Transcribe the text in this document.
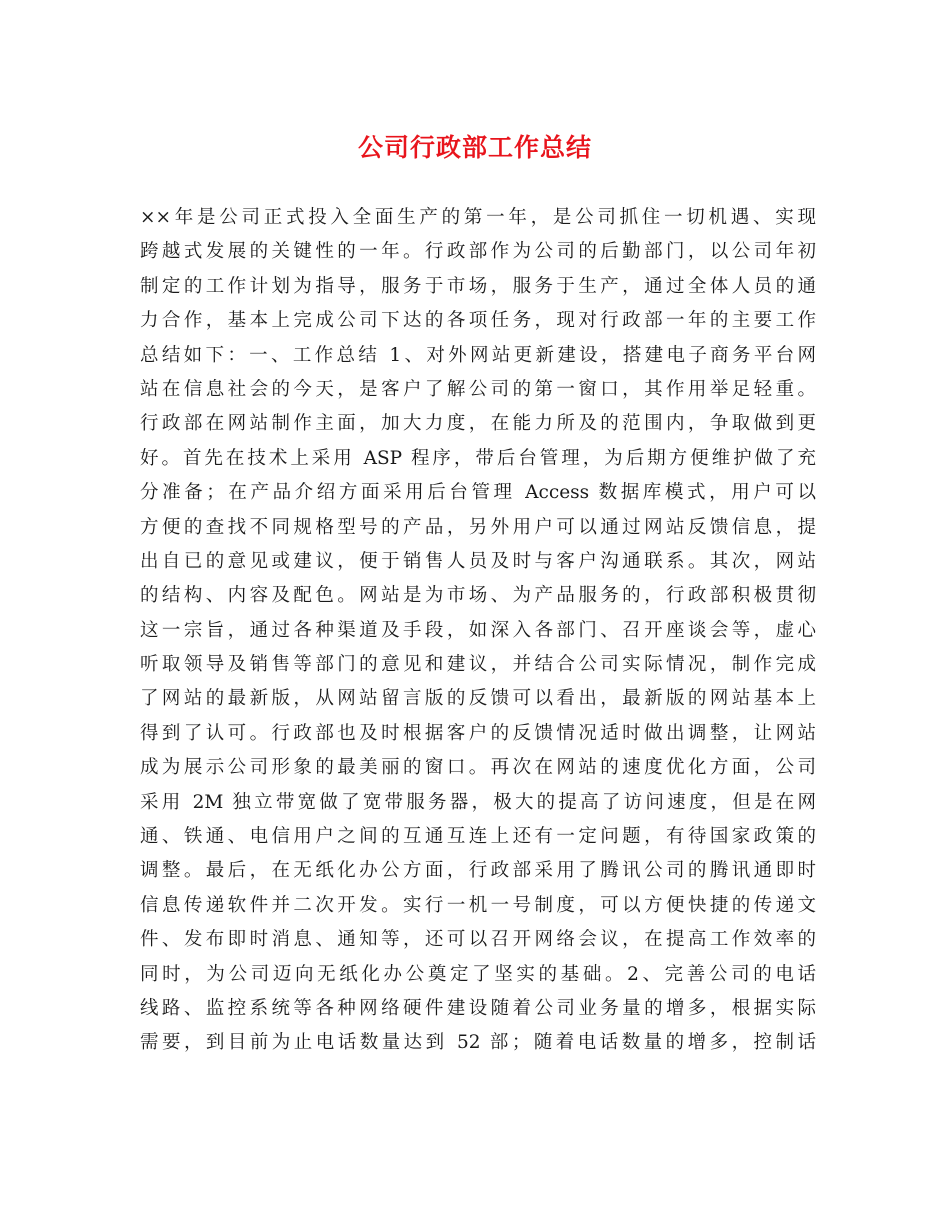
公司行政部工作总结
××年是公司正式投入全面生产的第一年，是公司抓住一切机遇、实现
跨越式发展的关键性的一年。行政部作为公司的后勤部门，以公司年初
制定的工作计划为指导，服务于市场，服务于生产，通过全体人员的通
力合作，基本上完成公司下达的各项任务，现对行政部一年的主要工作
总结如下：一、工作总结 1、对外网站更新建设，搭建电子商务平台网
站在信息社会的今天，是客户了解公司的第一窗口，其作用举足轻重。
行政部在网站制作主面，加大力度，在能力所及的范围内，争取做到更
好。首先在技术上采用 ASP 程序，带后台管理，为后期方便维护做了充
分准备；在产品介绍方面采用后台管理 Access 数据库模式，用户可以
方便的查找不同规格型号的产品，另外用户可以通过网站反馈信息，提
出自已的意见或建议，便于销售人员及时与客户沟通联系。其次，网站
的结构、内容及配色。网站是为市场、为产品服务的，行政部积极贯彻
这一宗旨，通过各种渠道及手段，如深入各部门、召开座谈会等，虚心
听取领导及销售等部门的意见和建议，并结合公司实际情况，制作完成
了网站的最新版，从网站留言版的反馈可以看出，最新版的网站基本上
得到了认可。行政部也及时根据客户的反馈情况适时做出调整，让网站
成为展示公司形象的最美丽的窗口。再次在网站的速度优化方面，公司
采用 2M 独立带宽做了宽带服务器，极大的提高了访问速度，但是在网
通、铁通、电信用户之间的互通互连上还有一定问题，有待国家政策的
调整。最后，在无纸化办公方面，行政部采用了腾讯公司的腾讯通即时
信息传递软件并二次开发。实行一机一号制度，可以方便快捷的传递文
件、发布即时消息、通知等，还可以召开网络会议，在提高工作效率的
同时，为公司迈向无纸化办公奠定了坚实的基础。2、完善公司的电话
线路、监控系统等各种网络硬件建设随着公司业务量的增多，根据实际
需要，到目前为止电话数量达到 52 部；随着电话数量的增多，控制话
